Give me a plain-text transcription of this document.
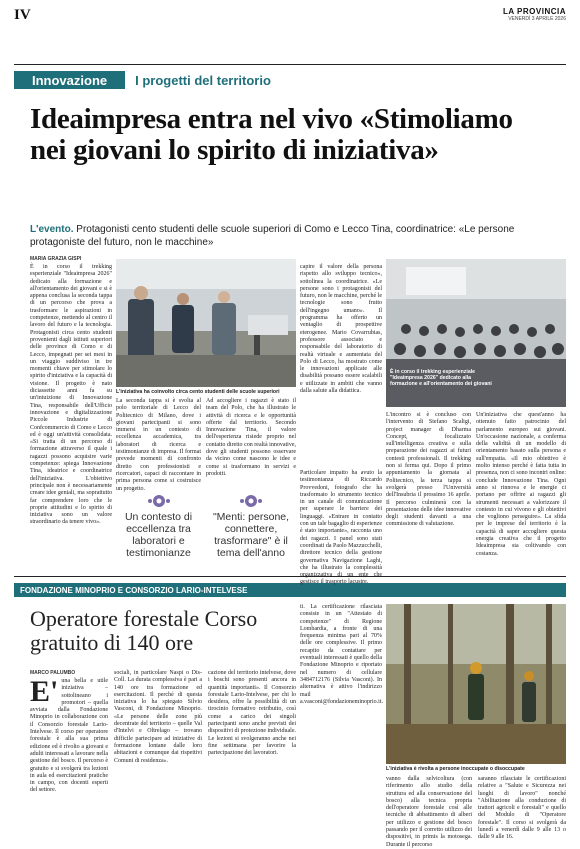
IV	LA PROVINCIA
VENERDÌ 3 APRILE 2026
Innovazione	I progetti del territorio
Ideaimpresa entra nel vivo «Stimoliamo nei giovani lo spirito di iniziativa»
L'evento. Protagonisti cento studenti delle scuole superiori di Como e Lecco Tina, coordinatrice: «Le persone protagoniste del futuro, non le macchine»
MARIA GRAZIA GISPI
È in corso il trekking esperienziale "Ideaimpresa 2026" dedicato alla formazione e all'orientamento dei giovani e si è appena conclusa la seconda tappa di un percorso che prova a trasformare le aspirazioni in competenze, mettendo al centro il lavoro del futuro e la tecnologia. Protagonisti circa cento studenti provenienti dagli istituti superiori delle province di Como e di Lecco, impegnati per sei mesi in un viaggio suddiviso in tre momenti chiave per stimolare lo spirito d'iniziativa e la capacità di visione. Il progetto è nato diciassette anni fa su un'intuizione di Innovazione Tina, responsabile dell'Ufficio innovazione e digitalizzazione Piccole Industrie di Confcommercio di Como e Lecco ed è oggi un'attività consolidata. «Si tratta di un percorso di formazione attraverso il quale i ragazzi possono acquisire varie competenze: spiega Innovazione Tina, ideatrice e coordinatrice dell'iniziativa. L'obiettivo principale non è necessariamente creare idee geniali, ma soprattutto far comprendere loro che le proprie attitudini e lo spirito di iniziativa sono un valore straordinario da tenere vivo».
L'iniziativa ha coinvolto circa cento studenti delle scuole superiori
La seconda tappa si è svolta al polo territoriale di Lecco del Politecnico di Milano, dove i giovani partecipanti si sono immersi in un contesto di eccellenza accademica, tra laboratori di ricerca e testimonianze di impresa. Il format prevede momenti di confronto diretto con professionisti e ricercatori, capaci di raccontare in prima persona come si costruisce un progetto.
Ad accogliere i ragazzi è stato il team del Polo, che ha illustrato le attività di ricerca e le opportunità offerte dal territorio. Secondo Innovazione Tina, il valore dell'esperienza risiede proprio nel contatto diretto con realtà innovative, dove gli studenti possono osservare da vicino come nascono le idee e come si trasformano in servizi e prodotti.
Un contesto di eccellenza tra laboratori e testimonianze
"Menti: persone, connettere, trasformare" è il tema dell'anno
capire il valore della persona rispetto allo sviluppo tecnico», sottolinea la coordinatrice. «Le persone sono i protagonisti del futuro, non le macchine, perché le tecnologie sono frutto dell'ingegno umano». Il programma ha offerto un ventaglio di prospettive eterogenee. Mario Covarrubias, professore associato e responsabile del laboratorio di realtà virtuale e aumentata del Polo di Lecco, ha mostrato come le innovazioni applicate alle disabilità possano essere scalabili e utilizzate in ambiti che vanno dalla salute alla didattica.
È in corso il trekking esperienziale "Ideaimpresa 2026" dedicato alla formazione e all'orientamento dei giovani
L'incontro si è concluso con l'intervento di Stefano Scaligi, project manager di Dharma Concept, focalizzato sull'intelligenza creativa e sulla preparazione dei ragazzi ai futuri contesti professionali. Il trekking non si ferma qui. Dopo il primo appuntamento la giornata al Politecnico, la terza tappa si svolgerà presso l'Università dell'Insubria il prossimo 16 aprile. Il percorso culminerà con la presentazione delle idee innovative degli studenti davanti a una commissione di valutazione.
Un'iniziativa che quest'anno ha ottenuto fatto patrocinio del parlamento europeo sui giovani. Un'occasione nazionale, a conferma della validità di un modello di orientamento basato sulla persona e sull'empatia. «Il mio obiettivo è molto intenso perché è fatta tutta in presenza, non ci sono incontri online: conclude Innovazione Tina. Ogni anno si rinnova e le energie ci portano per offrire ai ragazzi gli strumenti necessari a valorizzare il contesto in cui vivono e gli obiettivi che vogliono perseguire». La sfida per le imprese del territorio è la capacità di saper accogliere questa energia creativa che il progetto Ideaimpresa sta coltivando con costanza.
FONDAZIONE MINOPRIO E CONSORZIO LARIO-INTELVESE
Operatore forestale Corso gratuito di 140 ore
MARCO PALUMBO
E' una bella e utile iniziativa – sottolineano i promotori – quella avviata dalla Fondazione Minoprio in collaborazione con il Consorzio forestale Lario-Intelvese. Il corso per operatore forestale è alla sua prima edizione ed è rivolto a giovani e adulti interessati a lavorare nella gestione del bosco. Il percorso è gratuito e si svolgerà tra lezioni in aula ed esercitazioni pratiche in campo, con docenti esperti del settore.
sociali, in particolare Naspi o Dis-Coll. La durata complessiva è pari a 140 ore tra formazione ed esercitazioni. Il perché di questa iniziativa lo ha spiegato Silvio Vasconi, di Fondazione Minoprio. «Le persone delle zone più decentrate del territorio – quelle Val d'Intelvi e Oltrelago – trovano difficile partecipare ad iniziative di formazione lontane dalle loro abitazioni e comunque dai rispettivi Comuni di residenza».
cazione del territorio intelvese, dove i boschi sono presenti ancora in quantità importanti». Il Consorzio forestale Lario-Intelvese, per chi lo desidera, offre la possibilità di un tirocinio formativo retribuito, così come a carico dei singoli partecipanti sono anche previsti dei dispositivi di protezione individuale. Le lezioni si svolgeranno anche nei fine settimana per favorire la partecipazione dei lavoratori.
ti. La certificazione rilasciata consiste in un "Attestato di competenze" di Regione Lombardia, a fronte di una frequenza minima pari al 70% delle ore complessive. Il primo recapito da contattare per eventuali interessati è quello della Fondazione Minoprio e riportato nel numero di cellulare 3484712176 (Silvia Vasconi). In alternativa è attivo l'indirizzo mail a.vasconi@fondazioneminoprio.it.
L'iniziativa è rivolta a persone inoccupate o disoccupate
vanno dalla selvicoltura (con riferimento allo studio della struttura ed alla conservazione del bosco) alla tecnica propria dell'operatore forestale così alle tecniche di abbattimento di alberi per utilizzo e gestione del bosco passando per il corretto utilizzo dei dispositivi, in primis la motosega. Durante il percorso
saranno rilasciate le certificazioni relative a "Salute e Sicurezza nei luoghi di lavoro" nonché "Abilitazione alla conduzione di trattori agricoli e forestali" e quello del Modulo di "Operatore forestale". Il corso si svolgerà da lunedì a venerdì dalle 9 alle 13 o dalle 9 alle 16.
Particolare impatto ha avuto la testimonianza di Riccardo Provvedoni, fotografo che ha trasformato lo strumento tecnico in un canale di comunicazione per superare le barriere dei linguaggi. «Entrare in contatto con un tale bagaglio di esperienze è stato importante», racconta uno dei ragazzi. I panel sono stati coordinati da Paolo Mazzucchelli, direttore tecnico della gestione governativa Navigazione Laghi, che ha illustrato la complessità organizzativa di un ente che gestisce il trasporto lacustre.
